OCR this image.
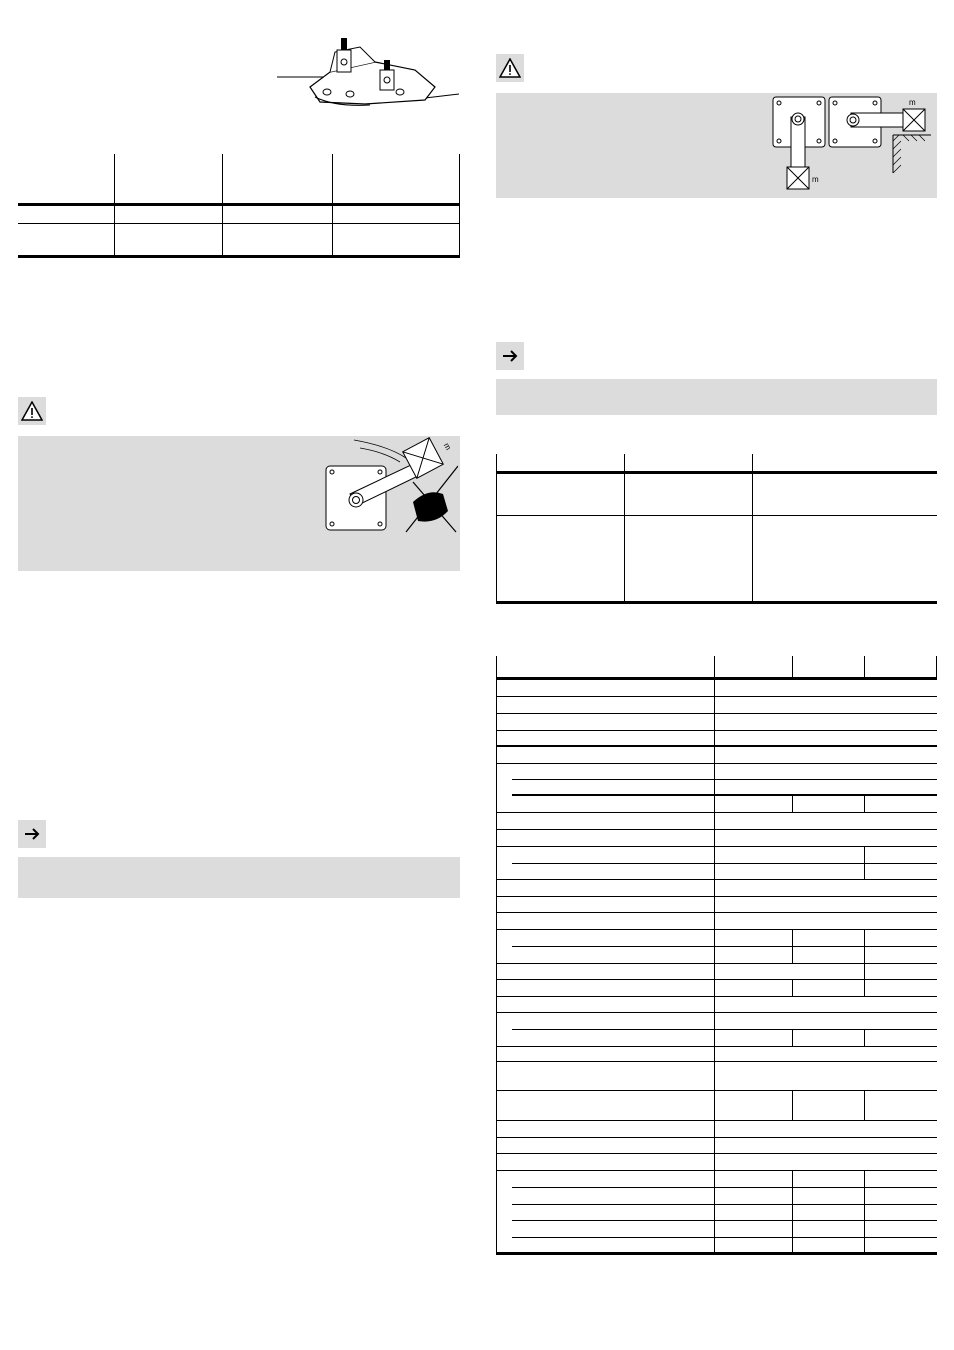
m
m
m
